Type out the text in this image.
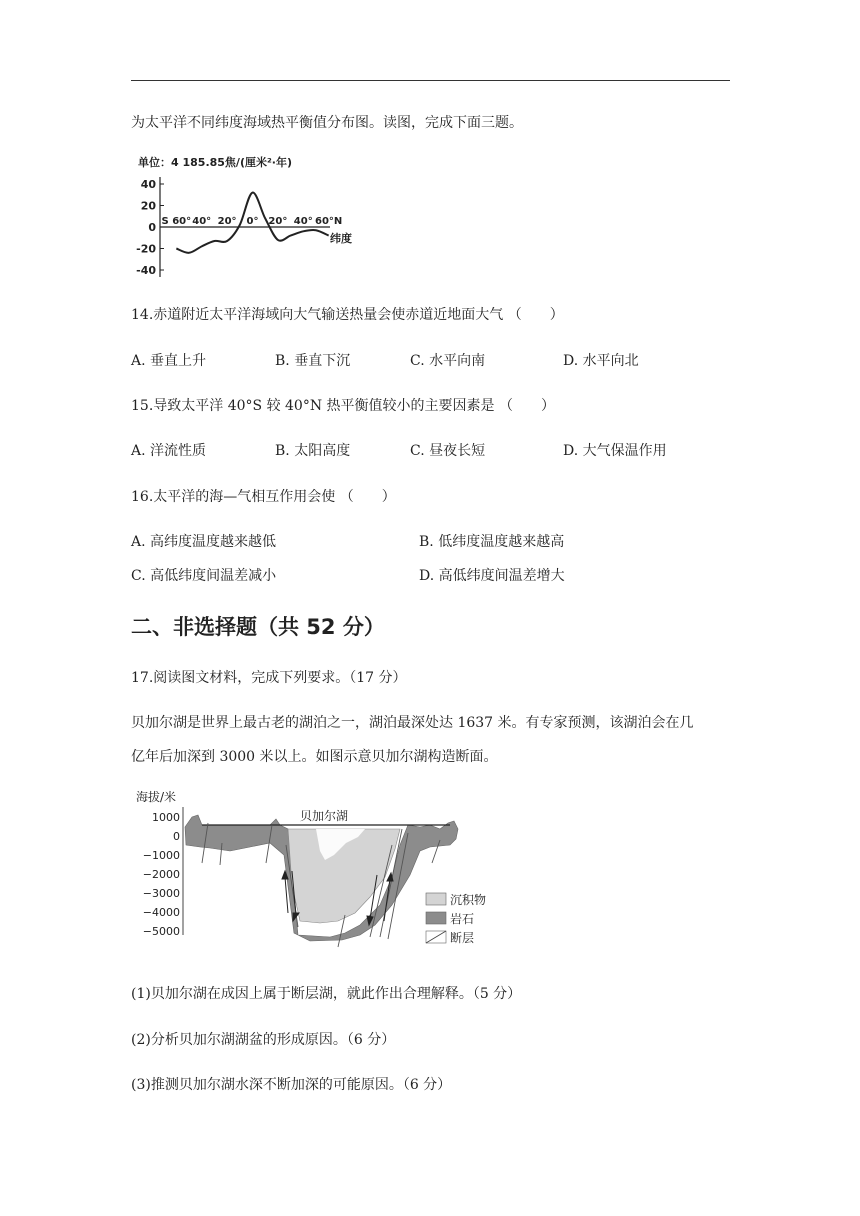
为太平洋不同纬度海域热平衡值分布图。读图，完成下面三题。
单位：4 185.85焦/(厘米²·年)
40
20
0
-20
-40
S 60° 40° 20° 0° 20° 40° 60°N
纬度
14.赤道附近太平洋海域向大气输送热量会使赤道近地面大气 （　　）
A. 垂直上升	B. 垂直下沉	C. 水平向南	D. 水平向北
15.导致太平洋 40°S 较 40°N 热平衡值较小的主要因素是 （　　）
A. 洋流性质	B. 太阳高度	C. 昼夜长短	D. 大气保温作用
16.太平洋的海—气相互作用会使 （　　）
A. 高纬度温度越来越低	B. 低纬度温度越来越高
C. 高低纬度间温差减小	D. 高低纬度间温差增大
二、非选择题（共 52 分）
17.阅读图文材料，完成下列要求。（17 分）
贝加尔湖是世界上最古老的湖泊之一，湖泊最深处达 1637 米。有专家预测，该湖泊会在几
亿年后加深到 3000 米以上。如图示意贝加尔湖构造断面。
海拔/米
1000
0
−1000
−2000
−3000
−4000
−5000
贝加尔湖
沉积物
岩石
断层
(1)贝加尔湖在成因上属于断层湖，就此作出合理解释。（5 分）
(2)分析贝加尔湖湖盆的形成原因。（6 分）
(3)推测贝加尔湖水深不断加深的可能原因。（6 分）
